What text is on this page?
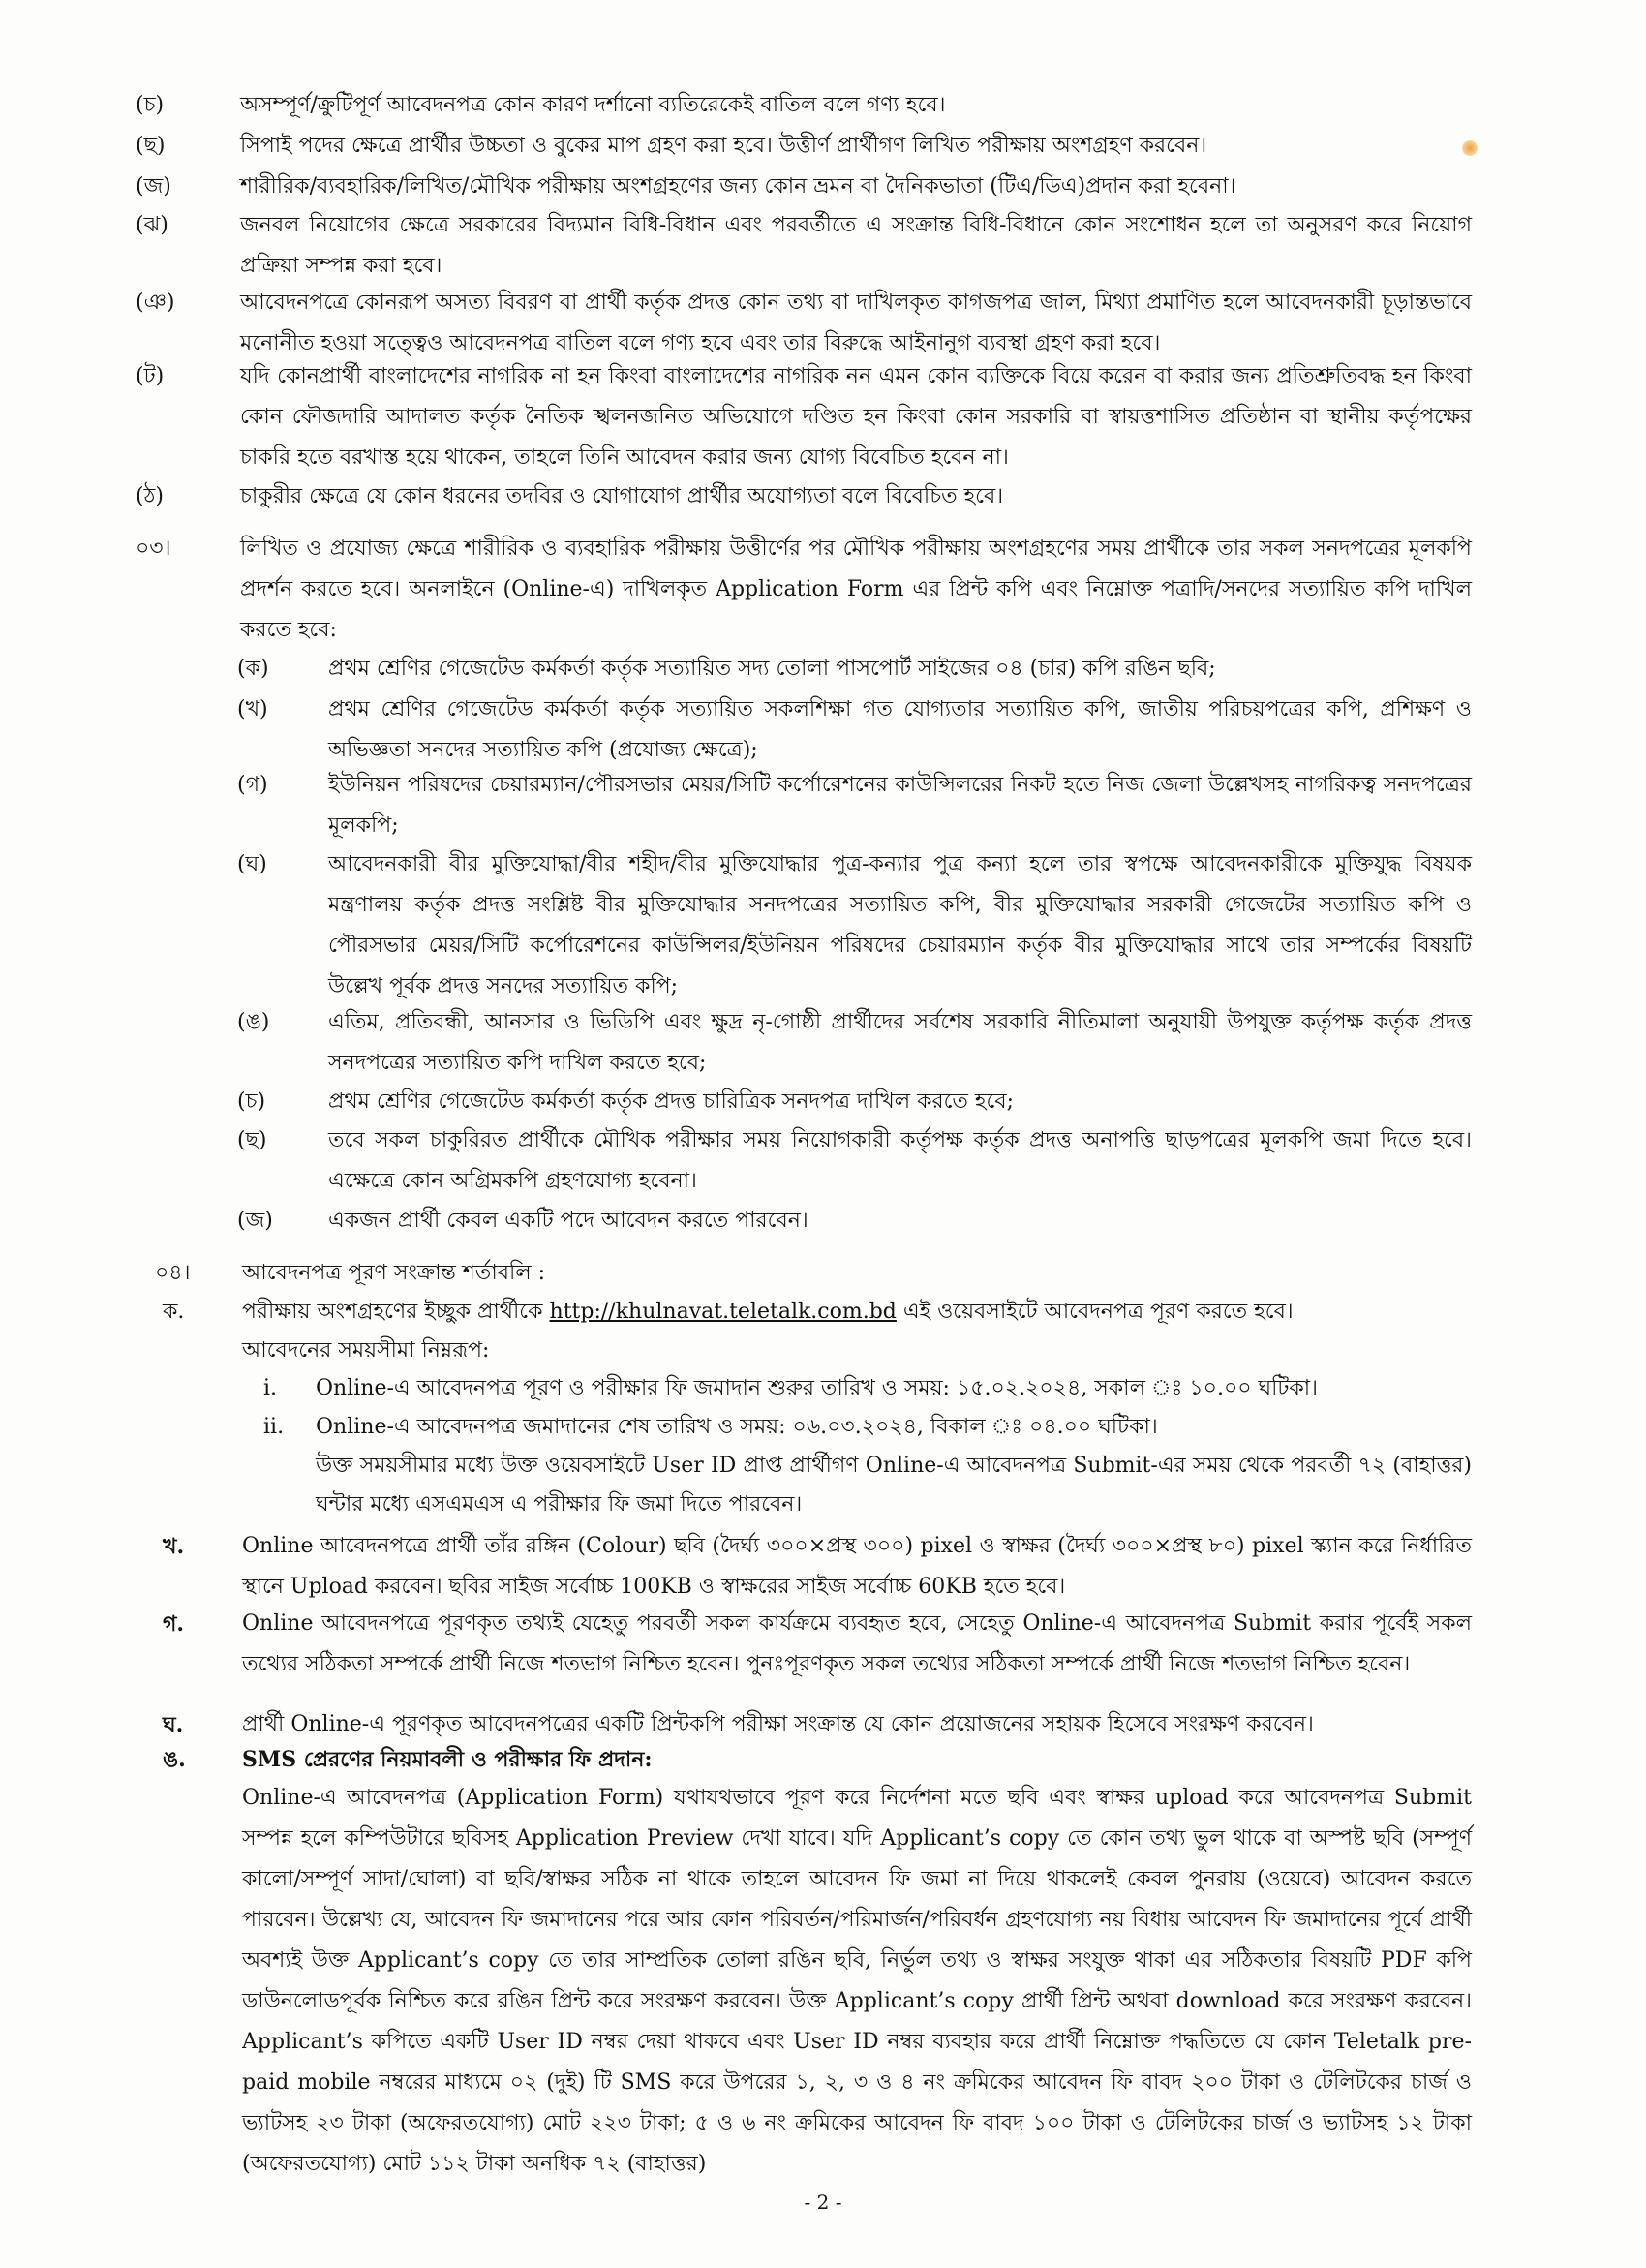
(চ)	অসম্পূর্ণ/ক্রুটিপূর্ণ আবেদনপত্র কোন কারণ দর্শানো ব্যতিরেকেই বাতিল বলে গণ্য হবে।
(ছ)	সিপাই পদের ক্ষেত্রে প্রার্থীর উচ্চতা ও বুকের মাপ গ্রহণ করা হবে। উত্তীর্ণ প্রার্থীগণ লিখিত পরীক্ষায় অংশগ্রহণ করবেন।
(জ)	শারীরিক/ব্যবহারিক/লিখিত/মৌখিক পরীক্ষায় অংশগ্রহণের জন্য কোন ভ্রমন বা দৈনিকভাতা (টিএ/ডিএ)প্রদান করা হবেনা।
(ঝ)	জনবল নিয়োগের ক্ষেত্রে সরকারের বিদ্যমান বিধি-বিধান এবং পরবর্তীতে এ সংক্রান্ত বিধি-বিধানে কোন সংশোধন হলে তা অনুসরণ করে নিয়োগ প্রক্রিয়া সম্পন্ন করা হবে।
(ঞ)	আবেদনপত্রে কোনরূপ অসত্য বিবরণ বা প্রার্থী কর্তৃক প্রদত্ত কোন তথ্য বা দাখিলকৃত কাগজপত্র জাল, মিথ্যা প্রমাণিত হলে আবেদনকারী চূড়ান্তভাবে মনোনীত হওয়া সত্ত্বেও আবেদনপত্র বাতিল বলে গণ্য হবে এবং তার বিরুদ্ধে আইনানুগ ব্যবস্থা গ্রহণ করা হবে।
(ট)	যদি কোনপ্রার্থী বাংলাদেশের নাগরিক না হন কিংবা বাংলাদেশের নাগরিক নন এমন কোন ব্যক্তিকে বিয়ে করেন বা করার জন্য প্রতিশ্রুতিবদ্ধ হন কিংবা কোন ফৌজদারি আদালত কর্তৃক নৈতিক স্খলনজনিত অভিযোগে দণ্ডিত হন কিংবা কোন সরকারি বা স্বায়ত্তশাসিত প্রতিষ্ঠান বা স্থানীয় কর্তৃপক্ষের চাকরি হতে বরখাস্ত হয়ে থাকেন, তাহলে তিনি আবেদন করার জন্য যোগ্য বিবেচিত হবেন না।
(ঠ)	চাকুরীর ক্ষেত্রে যে কোন ধরনের তদবির ও যোগাযোগ প্রার্থীর অযোগ্যতা বলে বিবেচিত হবে।
০৩।	লিখিত ও প্রযোজ্য ক্ষেত্রে শারীরিক ও ব্যবহারিক পরীক্ষায় উত্তীর্ণের পর মৌখিক পরীক্ষায় অংশগ্রহণের সময় প্রার্থীকে তার সকল সনদপত্রের মূলকপি প্রদর্শন করতে হবে। অনলাইনে (Online-এ) দাখিলকৃত Application Form এর প্রিন্ট কপি এবং নিম্নোক্ত পত্রাদি/সনদের সত্যায়িত কপি দাখিল করতে হবে:
(ক)	প্রথম শ্রেণির গেজেটেড কর্মকর্তা কর্তৃক সত্যায়িত সদ্য তোলা পাসপোর্ট সাইজের ০৪ (চার) কপি রঙিন ছবি;
(খ)	প্রথম শ্রেণির গেজেটেড কর্মকর্তা কর্তৃক সত্যায়িত সকলশিক্ষা গত যোগ্যতার সত্যায়িত কপি, জাতীয় পরিচয়পত্রের কপি, প্রশিক্ষণ ও অভিজ্ঞতা সনদের সত্যায়িত কপি (প্রযোজ্য ক্ষেত্রে);
(গ)	ইউনিয়ন পরিষদের চেয়ারম্যান/পৌরসভার মেয়র/সিটি কর্পোরেশনের কাউন্সিলরের নিকট হতে নিজ জেলা উল্লেখসহ নাগরিকত্ব সনদপত্রের মূলকপি;
(ঘ)	আবেদনকারী বীর মুক্তিযোদ্ধা/বীর শহীদ/বীর মুক্তিযোদ্ধার পুত্র-কন্যার পুত্র কন্যা হলে তার স্বপক্ষে আবেদনকারীকে মুক্তিযুদ্ধ বিষয়ক মন্ত্রণালয় কর্তৃক প্রদত্ত সংশ্লিষ্ট বীর মুক্তিযোদ্ধার সনদপত্রের সত্যায়িত কপি, বীর মুক্তিযোদ্ধার সরকারী গেজেটের সত্যায়িত কপি ও পৌরসভার মেয়র/সিটি কর্পোরেশনের কাউন্সিলর/ইউনিয়ন পরিষদের চেয়ারম্যান কর্তৃক বীর মুক্তিযোদ্ধার সাথে তার সম্পর্কের বিষয়টি উল্লেখ পূর্বক প্রদত্ত সনদের সত্যায়িত কপি;
(ঙ)	এতিম, প্রতিবন্ধী, আনসার ও ভিডিপি এবং ক্ষুদ্র নৃ-গোষ্ঠী প্রার্থীদের সর্বশেষ সরকারি নীতিমালা অনুযায়ী উপযুক্ত কর্তৃপক্ষ কর্তৃক প্রদত্ত সনদপত্রের সত্যায়িত কপি দাখিল করতে হবে;
(চ)	প্রথম শ্রেণির গেজেটেড কর্মকর্তা কর্তৃক প্রদত্ত চারিত্রিক সনদপত্র দাখিল করতে হবে;
(ছ)	তবে সকল চাকুরিরত প্রার্থীকে মৌখিক পরীক্ষার সময় নিয়োগকারী কর্তৃপক্ষ কর্তৃক প্রদত্ত অনাপত্তি ছাড়পত্রের মূলকপি জমা দিতে হবে। এক্ষেত্রে কোন অগ্রিমকপি গ্রহণযোগ্য হবেনা।
(জ)	একজন প্রার্থী কেবল একটি পদে আবেদন করতে পারবেন।
০৪।	আবেদনপত্র পূরণ সংক্রান্ত শর্তাবলি :
ক.	পরীক্ষায় অংশগ্রহণের ইচ্ছুক প্রার্থীকে http://khulnavat.teletalk.com.bd এই ওয়েবসাইটে আবেদনপত্র পূরণ করতে হবে।
আবেদনের সময়সীমা নিম্নরূপ:
i.	Online-এ আবেদনপত্র পূরণ ও পরীক্ষার ফি জমাদান শুরুর তারিখ ও সময়: ১৫.০২.২০২৪, সকাল ঃ ১০.০০ ঘটিকা।
ii.	Online-এ আবেদনপত্র জমাদানের শেষ তারিখ ও সময়: ০৬.০৩.২০২৪, বিকাল ঃ ০৪.০০ ঘটিকা।
উক্ত সময়সীমার মধ্যে উক্ত ওয়েবসাইটে User ID প্রাপ্ত প্রার্থীগণ Online-এ আবেদনপত্র Submit-এর সময় থেকে পরবর্তী ৭২ (বাহাত্তর) ঘন্টার মধ্যে এসএমএস এ পরীক্ষার ফি জমা দিতে পারবেন।
খ.	Online আবেদনপত্রে প্রার্থী তাঁর রঙ্গিন (Colour) ছবি (দৈর্ঘ্য ৩০০×প্রস্থ ৩০০) pixel ও স্বাক্ষর (দৈর্ঘ্য ৩০০×প্রস্থ ৮০) pixel স্ক্যান করে নির্ধারিত স্থানে Upload করবেন। ছবির সাইজ সর্বোচ্চ 100KB ও স্বাক্ষরের সাইজ সর্বোচ্চ 60KB হতে হবে।
গ.	Online আবেদনপত্রে পূরণকৃত তথ্যই যেহেতু পরবর্তী সকল কার্যক্রমে ব্যবহৃত হবে, সেহেতু Online-এ আবেদনপত্র Submit করার পূর্বেই সকল তথ্যের সঠিকতা সম্পর্কে প্রার্থী নিজে শতভাগ নিশ্চিত হবেন। পুনঃপূরণকৃত সকল তথ্যের সঠিকতা সম্পর্কে প্রার্থী নিজে শতভাগ নিশ্চিত হবেন।
ঘ.	প্রার্থী Online-এ পূরণকৃত আবেদনপত্রের একটি প্রিন্টকপি পরীক্ষা সংক্রান্ত যে কোন প্রয়োজনের সহায়ক হিসেবে সংরক্ষণ করবেন।
ঙ.	SMS প্রেরণের নিয়মাবলী ও পরীক্ষার ফি প্রদান:
Online-এ আবেদনপত্র (Application Form) যথাযথভাবে পূরণ করে নির্দেশনা মতে ছবি এবং স্বাক্ষর upload করে আবেদনপত্র Submit সম্পন্ন হলে কম্পিউটারে ছবিসহ Application Preview দেখা যাবে। যদি Applicant’s copy তে কোন তথ্য ভুল থাকে বা অস্পষ্ট ছবি (সম্পূর্ণ কালো/সম্পূর্ণ সাদা/ঘোলা) বা ছবি/স্বাক্ষর সঠিক না থাকে তাহলে আবেদন ফি জমা না দিয়ে থাকলেই কেবল পুনরায় (ওয়েবে) আবেদন করতে পারবেন। উল্লেখ্য যে, আবেদন ফি জমাদানের পরে আর কোন পরিবর্তন/পরিমার্জন/পরিবর্ধন গ্রহণযোগ্য নয় বিধায় আবেদন ফি জমাদানের পূর্বে প্রার্থী অবশ্যই উক্ত Applicant’s copy তে তার সাম্প্রতিক তোলা রঙিন ছবি, নির্ভুল তথ্য ও স্বাক্ষর সংযুক্ত থাকা এর সঠিকতার বিষয়টি PDF কপি ডাউনলোডপূর্বক নিশ্চিত করে রঙিন প্রিন্ট করে সংরক্ষণ করবেন। উক্ত Applicant’s copy প্রার্থী প্রিন্ট অথবা download করে সংরক্ষণ করবেন। Applicant’s কপিতে একটি User ID নম্বর দেয়া থাকবে এবং User ID নম্বর ব্যবহার করে প্রার্থী নিম্নোক্ত পদ্ধতিতে যে কোন Teletalk pre-paid mobile নম্বরের মাধ্যমে ০২ (দুই) টি SMS করে উপরের ১, ২, ৩ ও ৪ নং ক্রমিকের আবেদন ফি বাবদ ২০০ টাকা ও টেলিটকের চার্জ ও ভ্যাটসহ ২৩ টাকা (অফেরতযোগ্য) মোট ২২৩ টাকা; ৫ ও ৬ নং ক্রমিকের আবেদন ফি বাবদ ১০০ টাকা ও টেলিটকের চার্জ ও ভ্যাটসহ ১২ টাকা (অফেরতযোগ্য) মোট ১১২ টাকা অনধিক ৭২ (বাহাত্তর)
- 2 -
